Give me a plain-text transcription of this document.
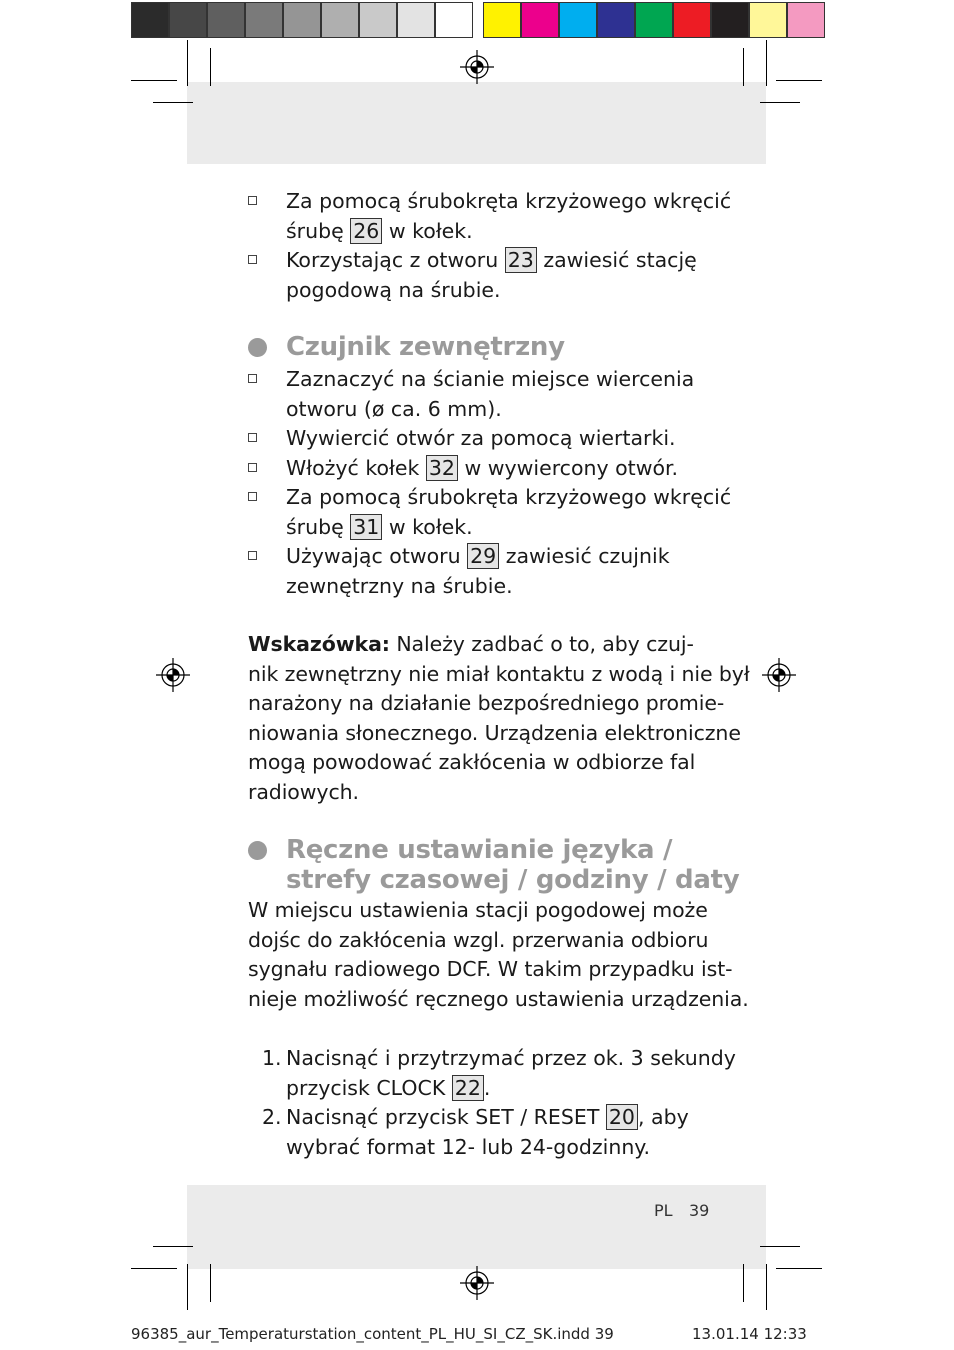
Za pomocą śrubokręta krzyżowego wkręcić
śrubę 26 w kołek.
Korzystając z otworu 23 zawiesić stację
pogodową na śrubie.
Czujnik zewnętrzny
Zaznaczyć na ścianie miejsce wiercenia
otworu (ø ca. 6 mm).
Wywiercić otwór za pomocą wiertarki.
Włożyć kołek 32 w wywiercony otwór.
Za pomocą śrubokręta krzyżowego wkręcić
śrubę 31 w kołek.
Używając otworu 29 zawiesić czujnik
zewnętrzny na śrubie.
Wskazówka: Należy zadbać o to, aby czuj-
nik zewnętrzny nie miał kontaktu z wodą i nie był
narażony na działanie bezpośredniego promie-
niowania słonecznego. Urządzenia elektroniczne
mogą powodować zakłócenia w odbiorze fal
radiowych.
Ręczne ustawianie języka /
strefy czasowej / godziny / daty
W miejscu ustawienia stacji pogodowej może
dojśc do zakłócenia wzgl. przerwania odbioru
sygnału radiowego DCF. W takim przypadku ist-
nieje możliwość ręcznego ustawienia urządzenia.
1. Nacisnąć i przytrzymać przez ok. 3 sekundy
przycisk CLOCK 22 .
2. Nacisnąć przycisk SET / RESET 20 , aby
wybrać format 12- lub 24-godzinny.
PL 39
96385_aur_Temperaturstation_content_PL_HU_SI_CZ_SK.indd 39	13.01.14 12:33
